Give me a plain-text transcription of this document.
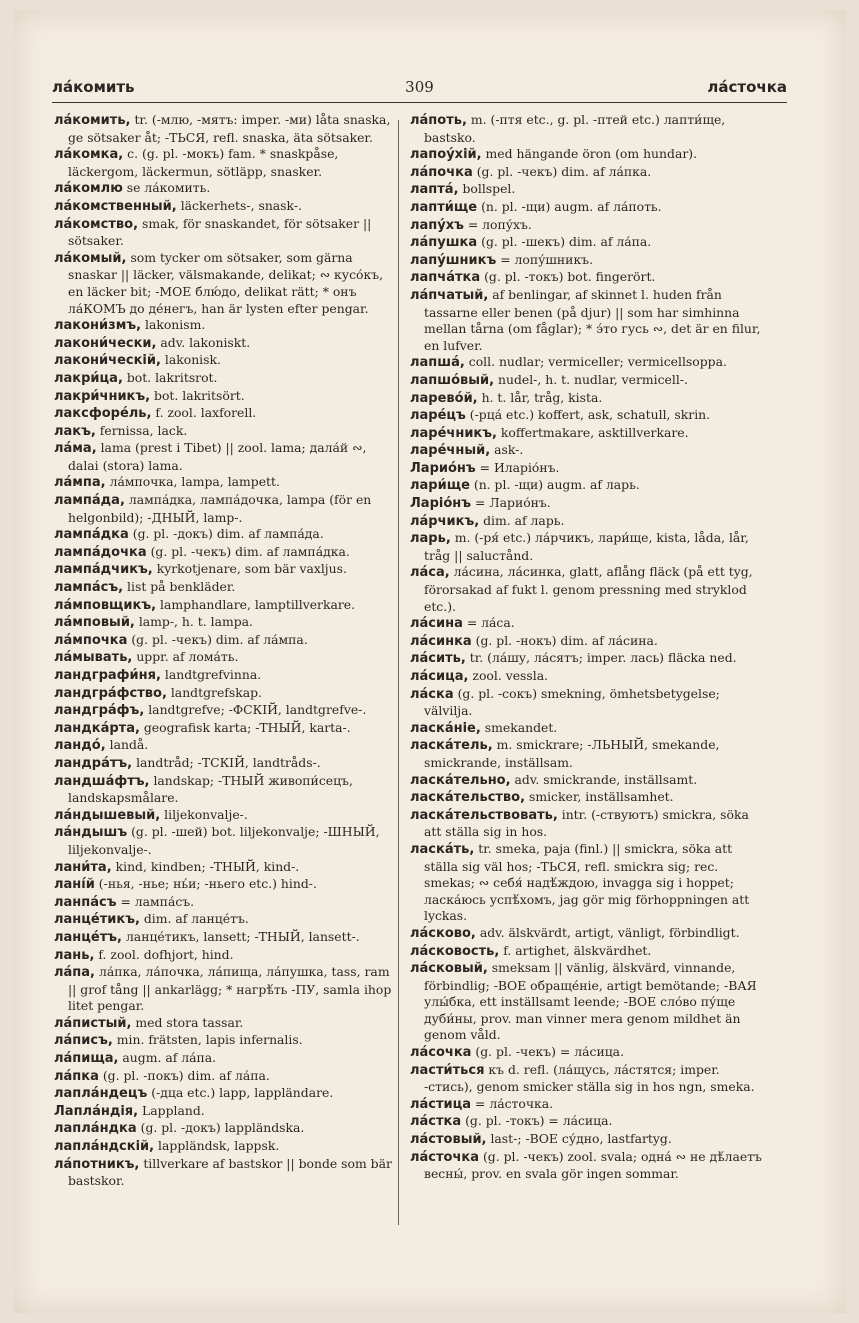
ла́комить	309	ла́сточка

ла́комить, tr. (-млю, -мятъ: imper. -ми) låta snaska, ge sötsaker åt; -ТЬСЯ, refl. snaska, äta sötsaker.

ла́комка, c. (g. pl. -мокъ) fam. * snaskpåse, läckergom, läckermun, sötläpp, snasker.

ла́комлю se ла́комить.

ла́комственный, läckerhets-, snask-.

ла́комство, smak, för snaskandet, för sötsaker || sötsaker.

ла́комый, som tycker om sötsaker, som gärna snaskar || läcker, välsmakande, delikat; ∾ кусо́къ, en läcker bit; -МОЕ блю́до, delikat rätt; * онъ ла́КОМЪ до де́негъ, han är lysten efter pengar.

лакони́змъ, lakonism.

лакони́чески, adv. lakoniskt.

лакони́ческій, lakonisk.

лакри́ца, bot. lakritsrot.

лакри́чникъ, bot. lakritsört.

лаксфоре́ль, f. zool. laxforell.

лакъ, fernissa, lack.

ла́ма, lama (prest i Tibet) || zool. lama; дала́й ∾, dalai (stora) lama.

ла́мпа, ла́мпочка, lampa, lampett.

лампа́да, лампа́дка, лампа́дочка, lampa (för en helgonbild); -ДНЫЙ, lamp-.

лампа́дка (g. pl. -докъ) dim. af лампа́да.

лампа́дочка (g. pl. -чекъ) dim. af лампа́дка.

лампа́дчикъ, kyrkotjenare, som bär vaxljus.

лампа́съ, list på benkläder.

ла́мповщикъ, lamphandlare, lamptillverkare.

ла́мповый, lamp-, h. t. lampa.

ла́мпочка (g. pl. -чекъ) dim. af ла́мпа.

ла́мывать, uppr. af лома́ть.

ландграфи́ня, landtgrefvinna.

ландгра́фство, landtgrefskap.

ландгра́фъ, landtgrefve; -ФСКІЙ, landtgrefve-.

ландка́рта, geografisk karta; -ТНЫЙ, karta-.

ландо́, landå.

ландра́тъ, landtråd; -ТСКІЙ, landtråds-.

ландша́фтъ, landskap; -ТНЫЙ живопи́сецъ, landskapsmålare.

ла́ндышевый, liljekonvalje-.

ла́ндышъ (g. pl. -шей) bot. liljekonvalje; -ШНЫЙ, liljekonvalje-.

лани́та, kind, kindben; -ТНЫЙ, kind-.

лані́й (-нья, -нье; нь́и; -ньего etc.) hind-.

ланпа́съ = лампа́съ.

ланце́тикъ, dim. af ланце́тъ.

ланце́тъ, ланце́тикъ, lansett; -ТНЫЙ, lansett-.

лань, f. zool. dofhjort, hind.

ла́па, ла́пка, ла́почка, ла́пища, ла́пушка, tass, ram || grof tång || ankarlägg; * нагрѣ́ть -ПУ, samla ihop litet pengar.

ла́пистый, med stora tassar.

ла́писъ, min. frätsten, lapis infernalis.

ла́пища, augm. af ла́па.

ла́пка (g. pl. -покъ) dim. af ла́па.

лапла́ндецъ (-дца etc.) lapp, lappländare.

Лапла́ндія, Lappland.

лапла́ндка (g. pl. -докъ) lappländska.

лапла́ндскій, lappländsk, lappsk.

ла́потникъ, tillverkare af bastskor || bonde som bär bastskor.

ла́поть, m. (-птя etc., g. pl. -птей etc.) лапти́ще, bastsko.

лапоу́хій, med hängande öron (om hundar).

ла́почка (g. pl. -чекъ) dim. af ла́пка.

лапта́, bollspel.

лапти́ще (n. pl. -щи) augm. af ла́поть.

лапу́хъ = лопу́хъ.

ла́пушка (g. pl. -шекъ) dim. af ла́па.

лапу́шникъ = лопу́шникъ.

лапча́тка (g. pl. -токъ) bot. fingerört.

ла́пчатый, af benlingar, af skinnet l. huden från tassarne eller benen (på djur) || som har simhinna mellan tårna (om fåglar); * э́то гусь ∾, det är en filur, en lufver.

лапша́, coll. nudlar; vermiceller; vermicellsoppa.

лапшо́вый, nudel-, h. t. nudlar, vermicell-.

ларево́й, h. t. lår, tråg, kista.

ларе́цъ (-рца́ etc.) koffert, ask, schatull, skrin.

ларе́чникъ, koffertmakare, asktillverkare.

ларе́чный, ask-.

Ларио́нъ = Иларіо́нъ.

лари́ще (n. pl. -щи) augm. af ларь.

Ларіо́нъ = Ларио́нъ.

ла́рчикъ, dim. af ларь.

ларь, m. (-ря́ etc.) ла́рчикъ, лари́ще, kista, låda, lår, tråg || saluстånd.

ла́са, ла́сина, ла́синка, glatt, aflång fläck (på ett tyg, förorsakad af fukt l. genom pressning med stryklod etc.).

ла́сина = ла́са.

ла́синка (g. pl. -нокъ) dim. af ла́сина.

ла́сить, tr. (ла́шу, ла́сятъ; imper. лась) fläcka ned.

ла́сица, zool. vessla.

ла́ска (g. pl. -сокъ) smekning, ömhetsbetygelse; välvilja.

ласка́ніе, smekandet.

ласка́тель, m. smickrare; -ЛЬНЫЙ, smekande, smickrande, inställsam.

ласка́тельно, adv. smickrande, inställsamt.

ласка́тельство, smicker, inställsamhet.

ласка́тельствовать, intr. (-ствуютъ) smickra, söka att ställa sig in hos.

ласка́ть, tr. smeka, paja (finl.) || smickra, söka att ställa sig väl hos; -ТЬСЯ, refl. smickra sig; rec. smekas; ∾ себя́ надѣ́ждою, invagga sig i hoppet; ласка́юсь успѣ́хомъ, jag gör mig förhoppningen att lyckas.

ла́сково, adv. älskvärdt, artigt, vänligt, förbindligt.

ла́сковость, f. artighet, älskvärdhet.

ла́сковый, smeksam || vänlig, älskvärd, vinnande, förbindlig; -ВОЕ обраще́ніе, artigt bemötande; -ВАЯ улы́бка, ett inställsamt leende; -ВОЕ сло́во пу́ще дуби́ны, prov. man vinner mera genom mildhet än genom våld.

ла́сочка (g. pl. -чекъ) = ла́сица.

ласти́ться къ d. refl. (ла́щусь, ла́стятся; imper. -стись), genom smicker ställa sig in hos ngn, smeka.

ла́стица = ла́сточка.

ла́стка (g. pl. -токъ) = ла́сица.

ла́стовый, last-; -ВОЕ су́дно, lastfartyg.

ла́сточка (g. pl. -чекъ) zool. svala; одна́ ∾ не дѣ́лаетъ весны́, prov. en svala gör ingen sommar.
